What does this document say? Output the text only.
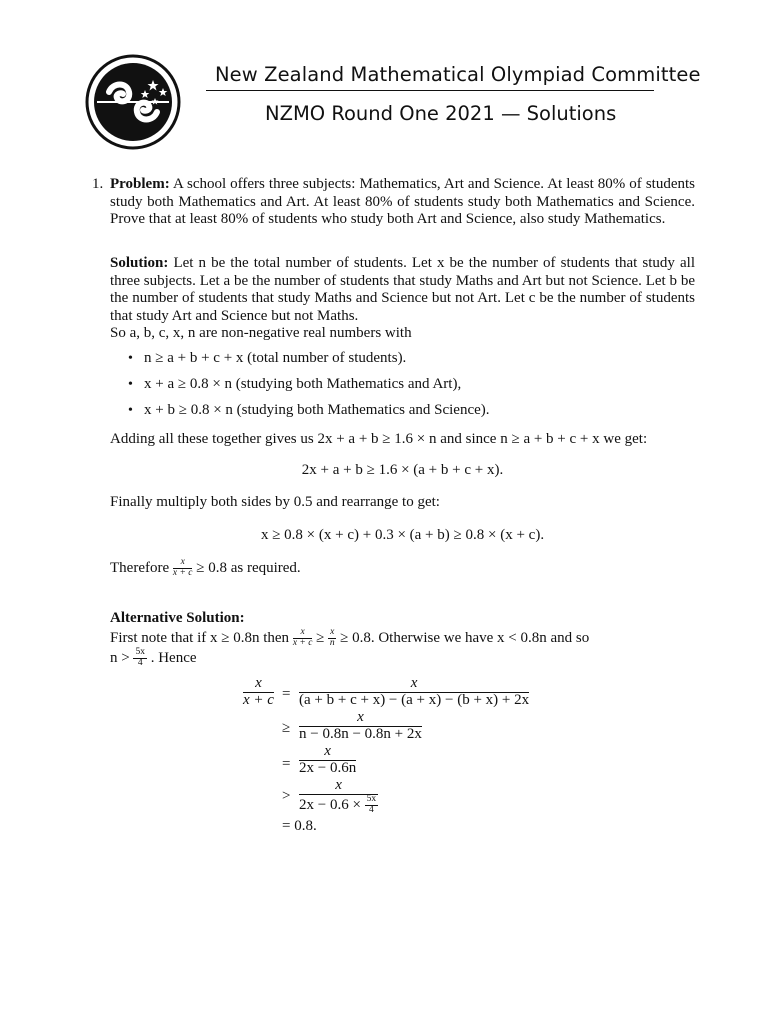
New Zealand Mathematical Olympiad Committee
NZMO Round One 2021 — Solutions
1. Problem: A school offers three subjects: Mathematics, Art and Science. At least 80% of students study both Mathematics and Art. At least 80% of students study both Mathematics and Science. Prove that at least 80% of students who study both Art and Science, also study Mathematics.
Solution: Let n be the total number of students. Let x be the number of students that study all three subjects. Let a be the number of students that study Maths and Art but not Science. Let b be the number of students that study Maths and Science but not Art. Let c be the number of students that study Art and Science but not Maths.
So a, b, c, x, n are non-negative real numbers with
• n ≥ a + b + c + x (total number of students).
• x + a ≥ 0.8 × n (studying both Mathematics and Art),
• x + b ≥ 0.8 × n (studying both Mathematics and Science).
Adding all these together gives us 2x + a + b ≥ 1.6 × n and since n ≥ a + b + c + x we get:
2x + a + b ≥ 1.6 × (a + b + c + x).
Finally multiply both sides by 0.5 and rearrange to get:
x ≥ 0.8 × (x + c) + 0.3 × (a + b) ≥ 0.8 × (x + c).
Therefore $\frac{x}{x + c} \ge 0.8$ as required.
Alternative Solution:
First note that if x ≥ 0.8n then $\frac{x}{x + c} \ge \frac{x}{n} \ge 0.8$. Otherwise we have x < 0.8n and so
$n > \frac{5x}{4}$ . Hence
$\frac{x}{x + c} = \frac{x}{(a + b + c + x) - (a + x) - (b + x) + 2x}$
≥ $\frac{x}{n - 0.8n - 0.8n + 2x}$
= $\frac{x}{2x - 0.6n}$
> $\frac{x}{2x - 0.6 \times \frac{5x}{4}}$
= 0.8.
